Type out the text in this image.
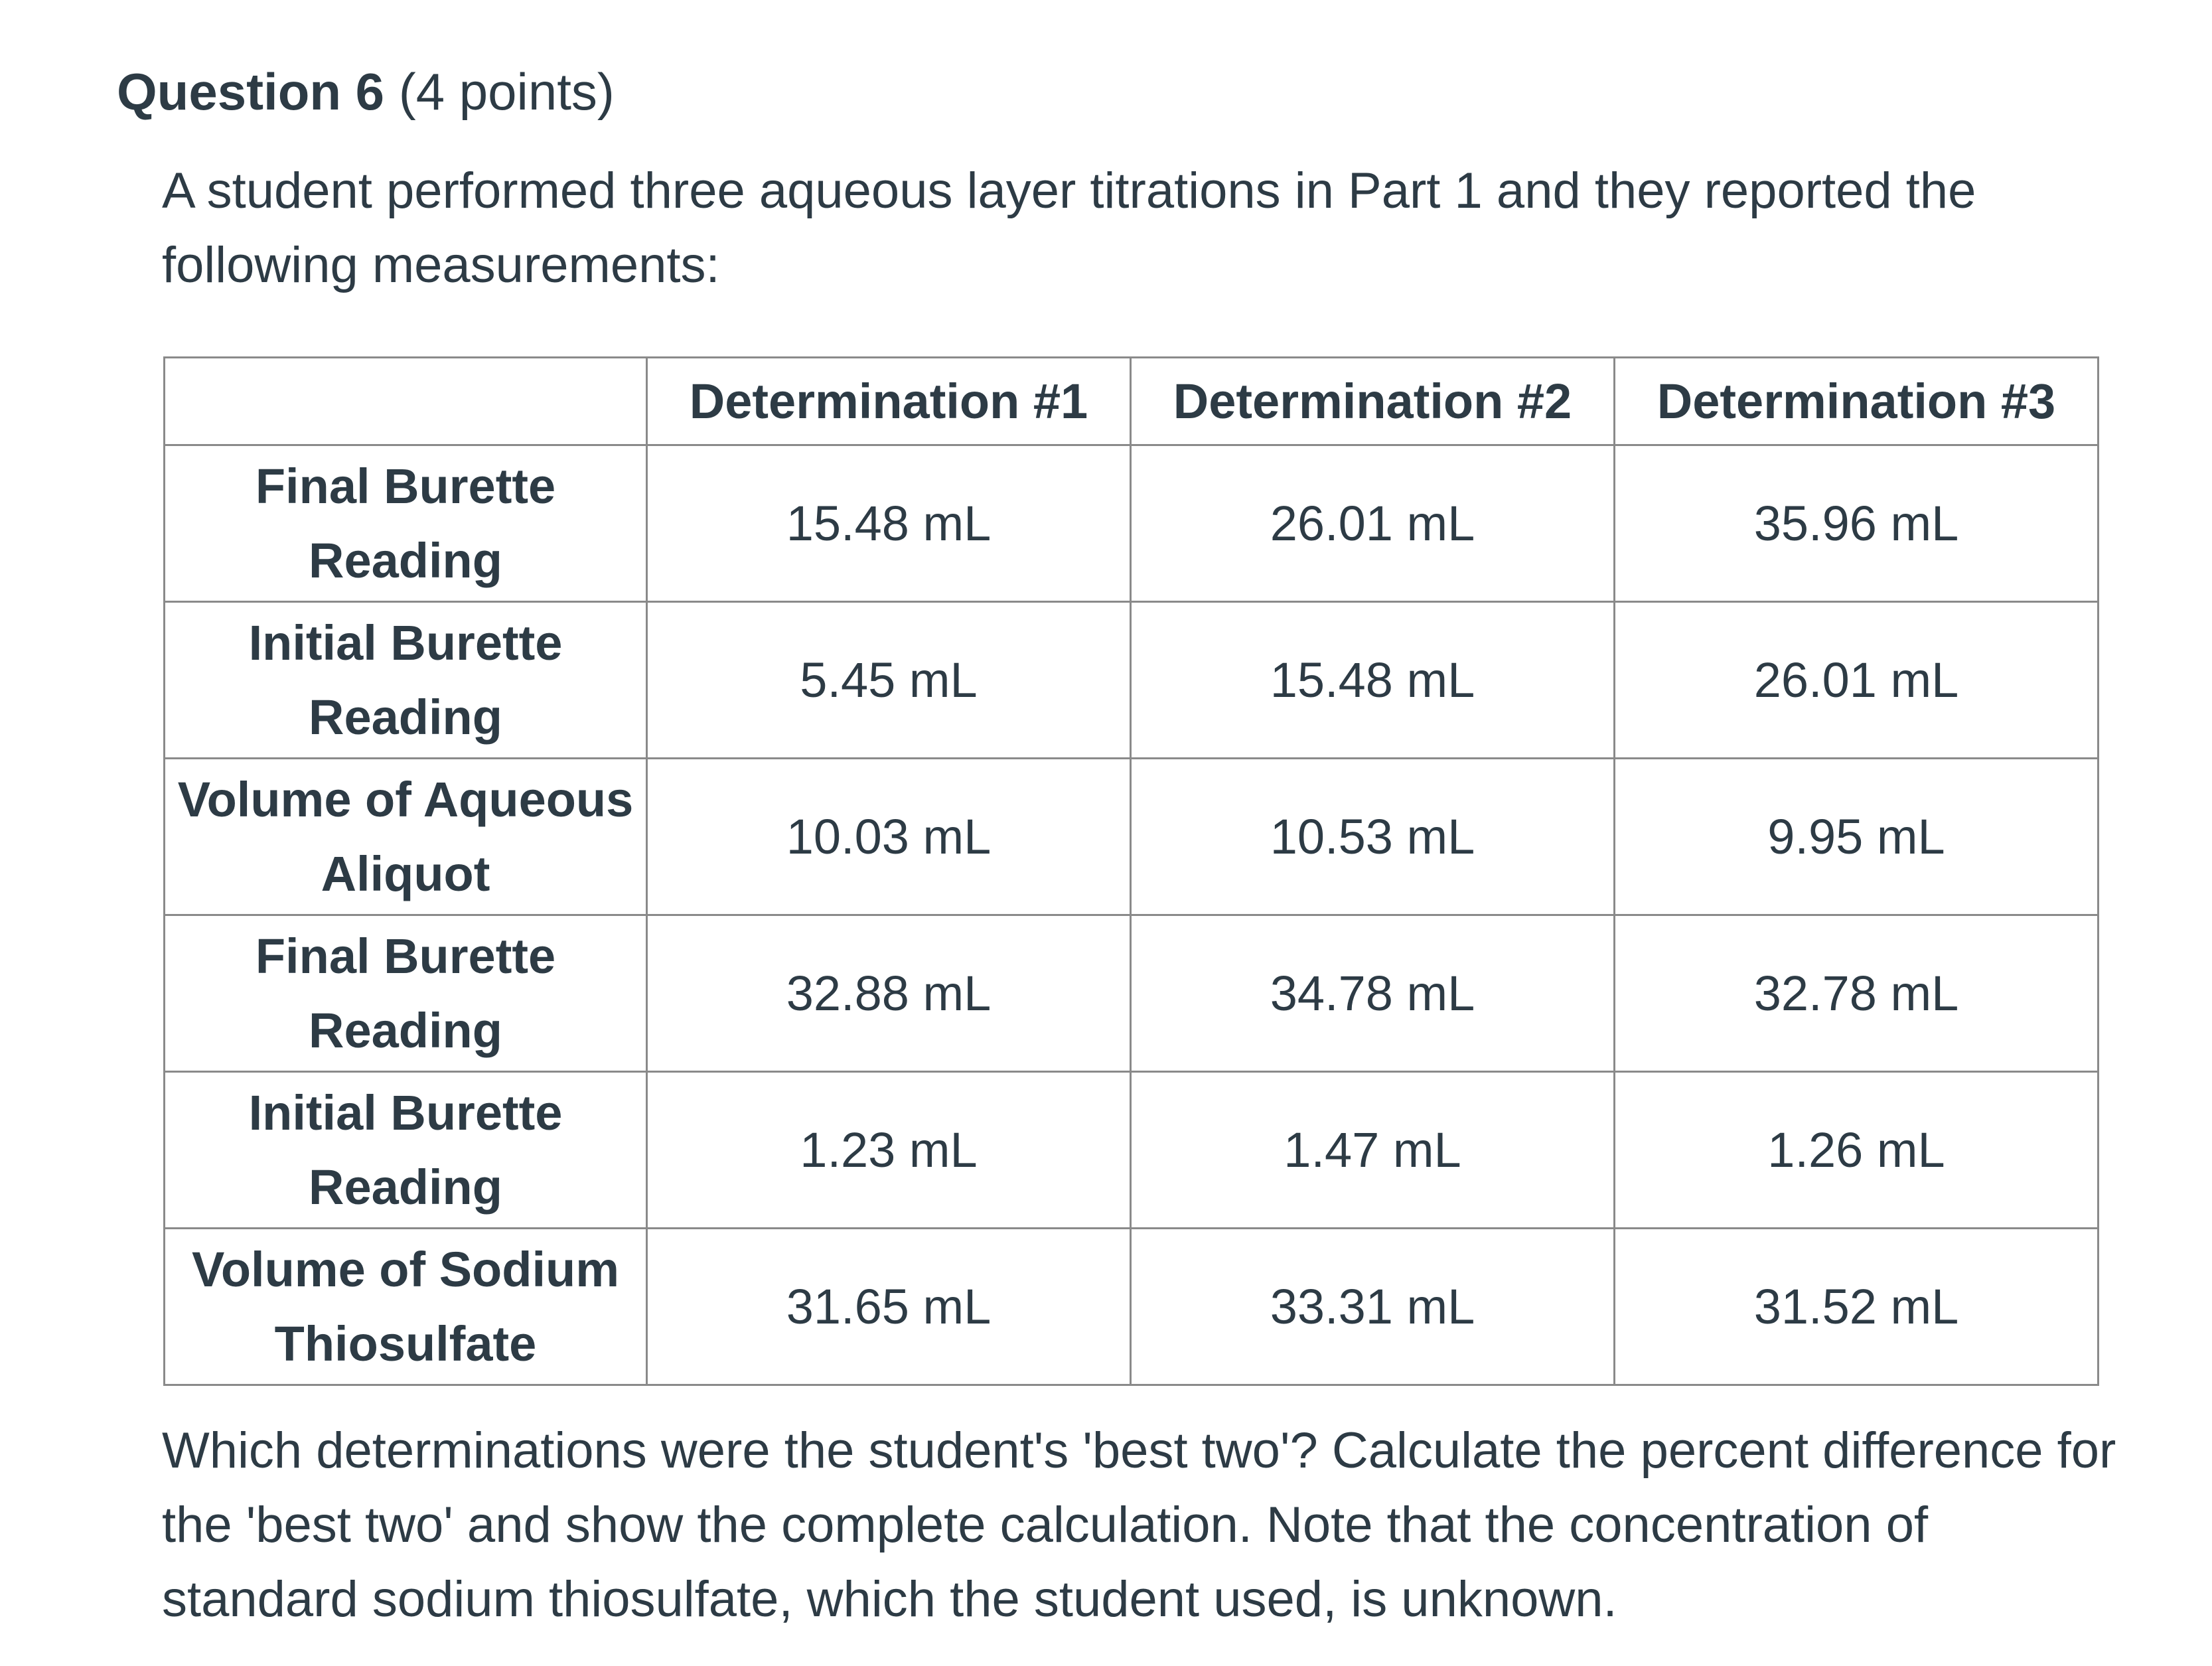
Question 6 (4 points)
A student performed three aqueous layer titrations in Part 1 and they reported the following measurements:
	Determination #1	Determination #2	Determination #3
Final Burette Reading	15.48 mL	26.01 mL	35.96 mL
Initial Burette Reading	5.45 mL	15.48 mL	26.01 mL
Volume of Aqueous Aliquot	10.03 mL	10.53 mL	9.95 mL
Final Burette Reading	32.88 mL	34.78 mL	32.78 mL
Initial Burette Reading	1.23 mL	1.47 mL	1.26 mL
Volume of Sodium Thiosulfate	31.65 mL	33.31 mL	31.52 mL
Which determinations were the student's 'best two'? Calculate the percent difference for the 'best two' and show the complete calculation. Note that the concentration of standard sodium thiosulfate, which the student used, is unknown.
